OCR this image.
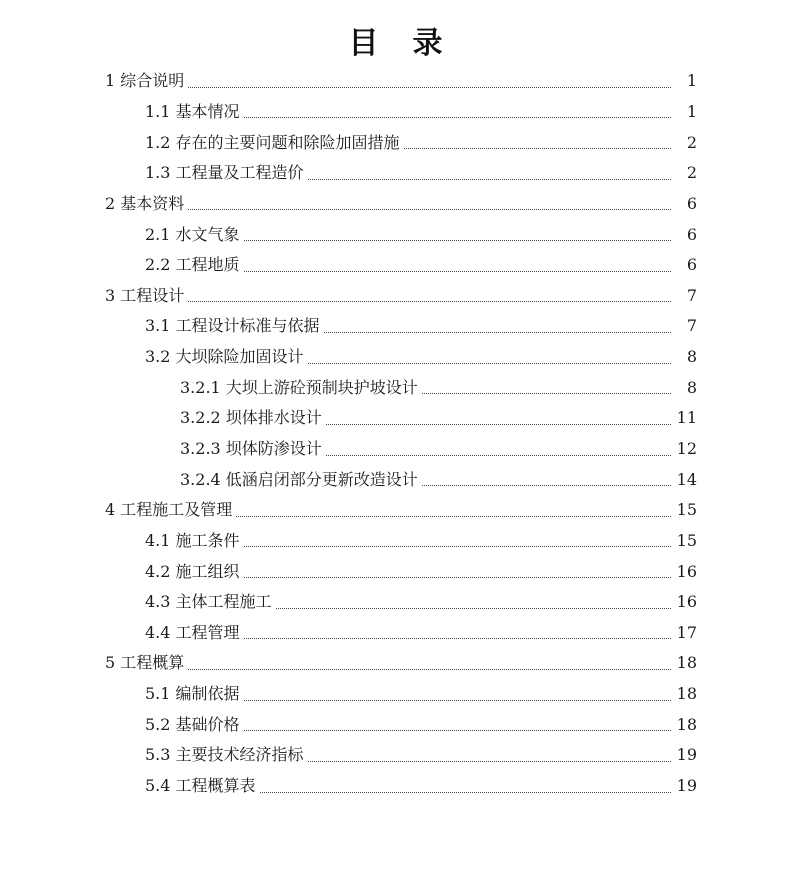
目　录
1 综合说明	1
1.1 基本情况	1
1.2 存在的主要问题和除险加固措施	2
1.3 工程量及工程造价	2
2 基本资料	6
2.1 水文气象	6
2.2 工程地质	6
3 工程设计	7
3.1 工程设计标准与依据	7
3.2 大坝除险加固设计	8
3.2.1 大坝上游砼预制块护坡设计	8
3.2.2 坝体排水设计	11
3.2.3 坝体防渗设计	12
3.2.4 低涵启闭部分更新改造设计	14
4 工程施工及管理	15
4.1 施工条件	15
4.2 施工组织	16
4.3 主体工程施工	16
4.4 工程管理	17
5 工程概算	18
5.1 编制依据	18
5.2 基础价格	18
5.3 主要技术经济指标	19
5.4 工程概算表	19
